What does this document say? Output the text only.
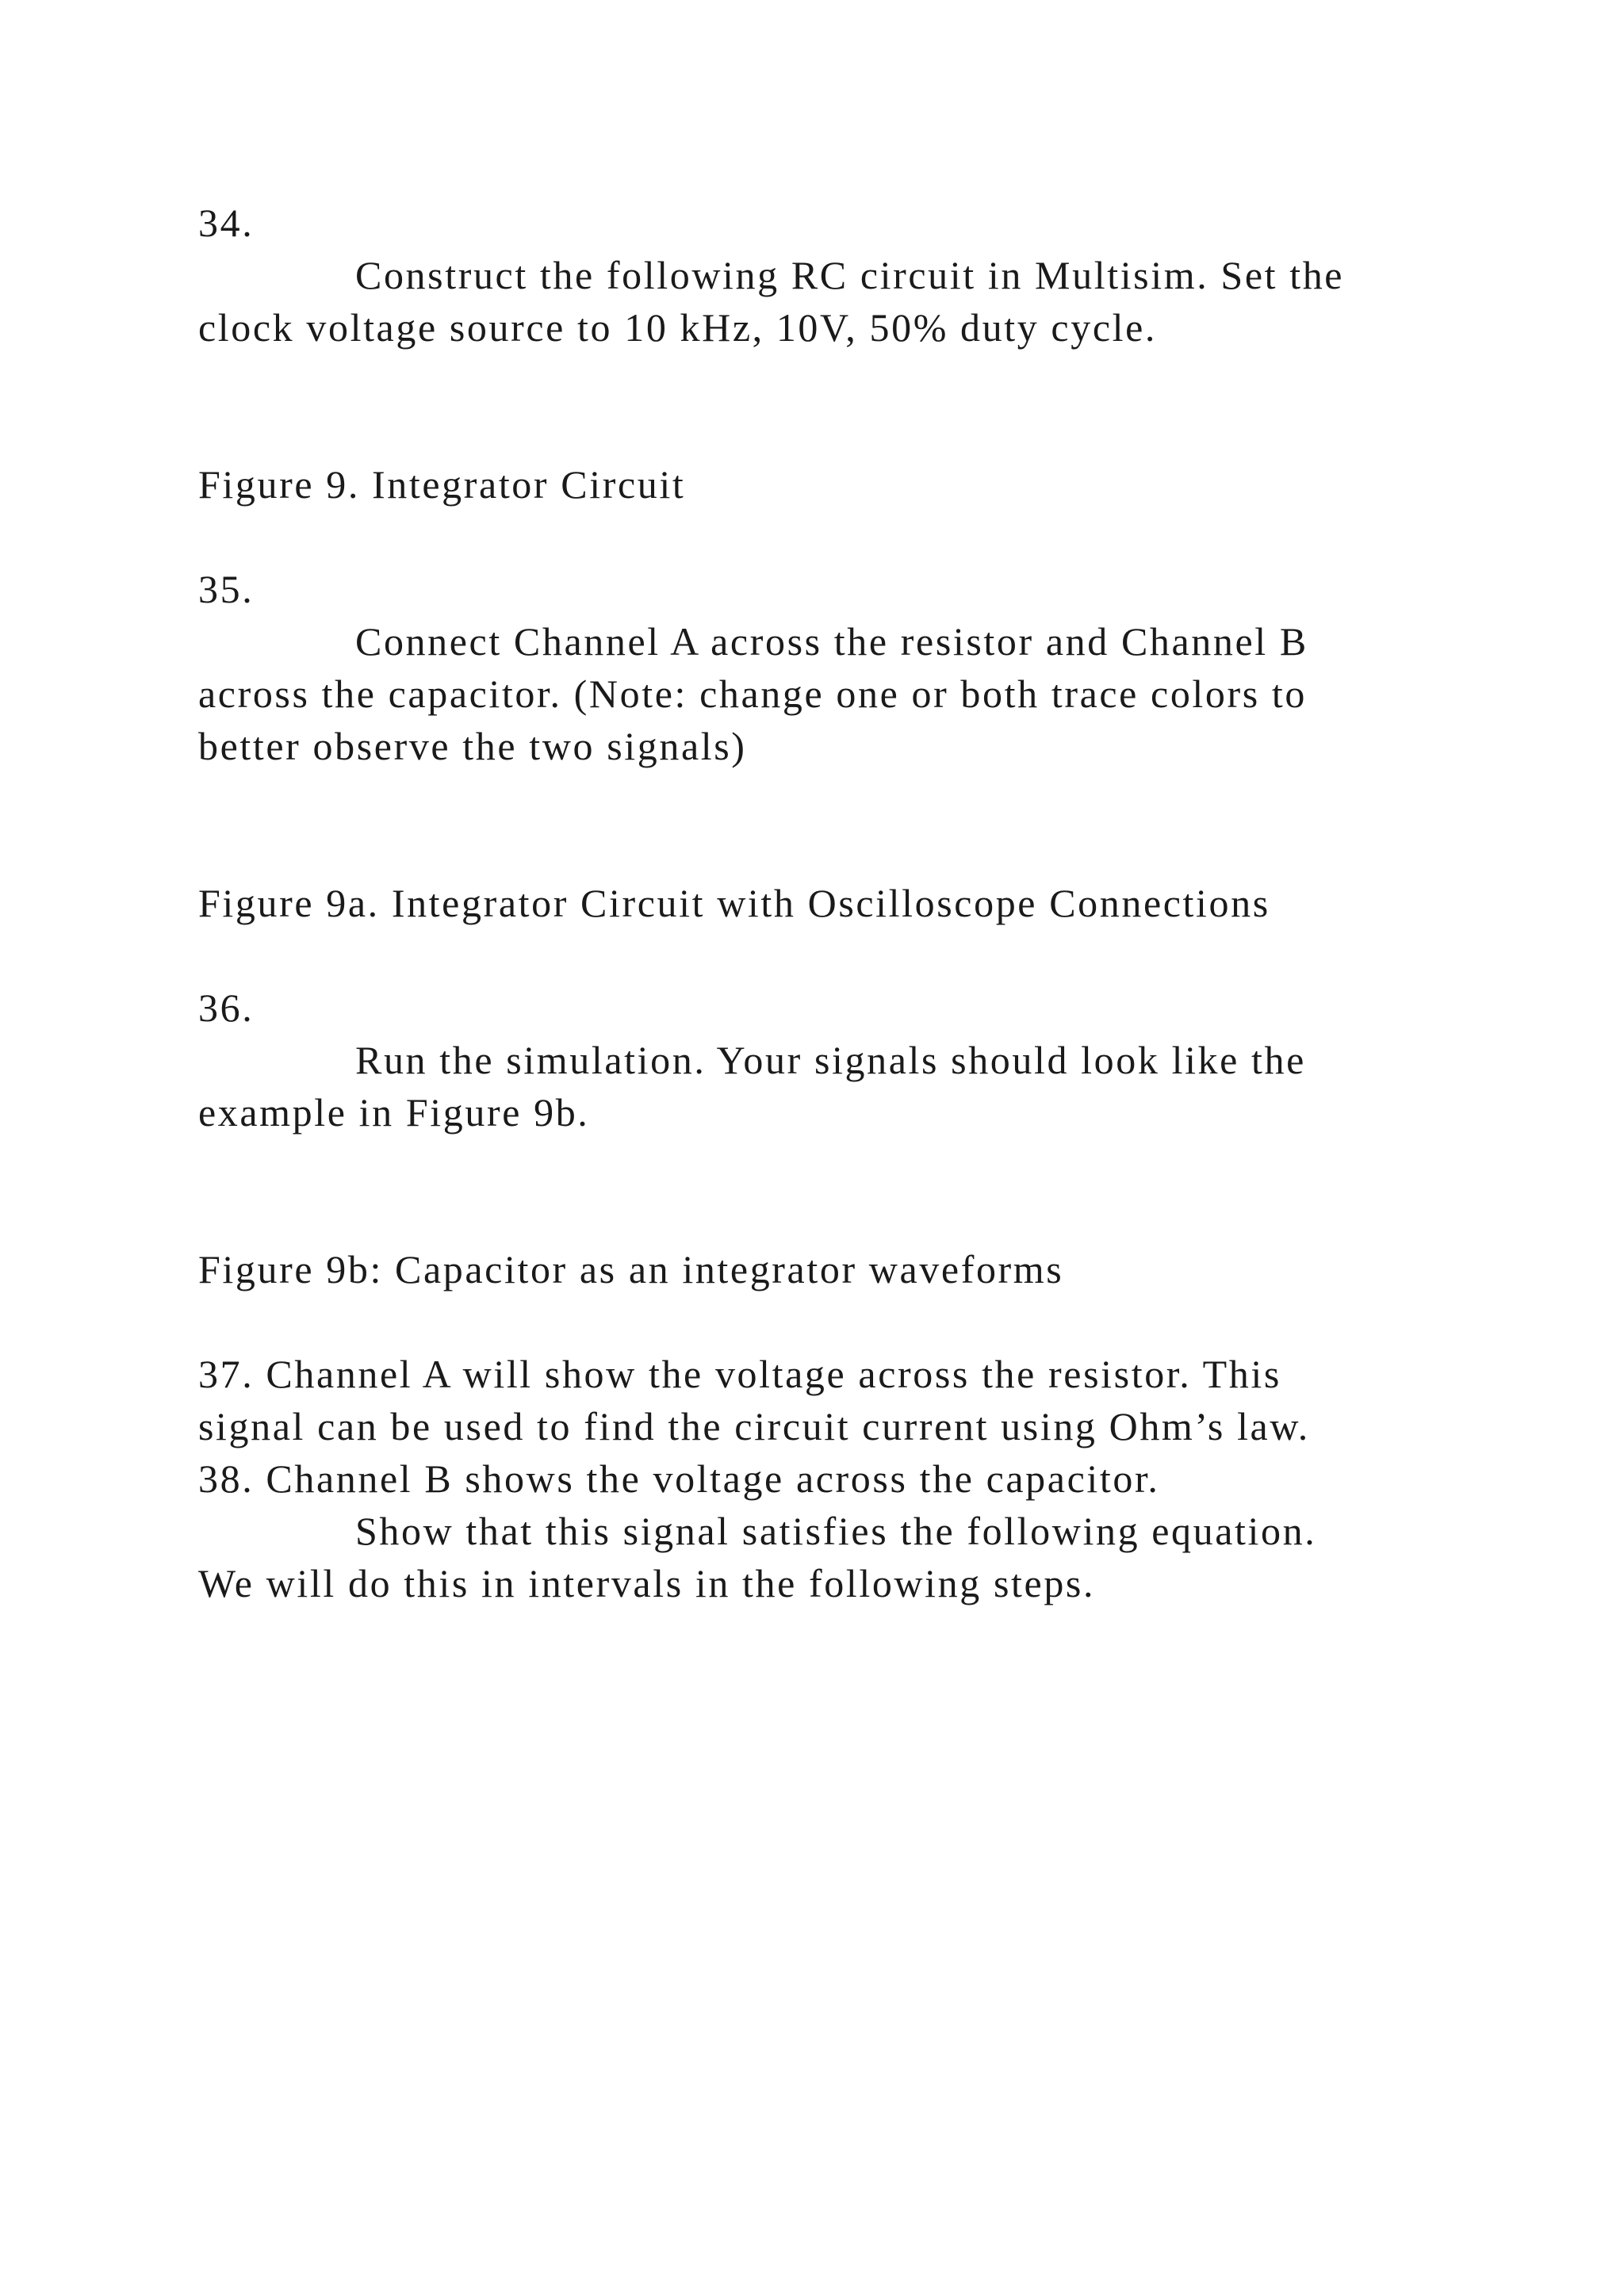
34.
Construct the following RC circuit in Multisim. Set the
clock voltage source to 10 kHz, 10V, 50% duty cycle.
Figure 9. Integrator Circuit
35.
Connect Channel A across the resistor and Channel B
across the capacitor. (Note: change one or both trace colors to
better observe the two signals)
Figure 9a. Integrator Circuit with Oscilloscope Connections
36.
Run the simulation. Your signals should look like the
example in Figure 9b.
Figure 9b: Capacitor as an integrator waveforms
37. Channel A will show the voltage across the resistor. This
signal can be used to find the circuit current using Ohm’s law.
38. Channel B shows the voltage across the capacitor.
Show that this signal satisfies the following equation.
We will do this in intervals in the following steps.
